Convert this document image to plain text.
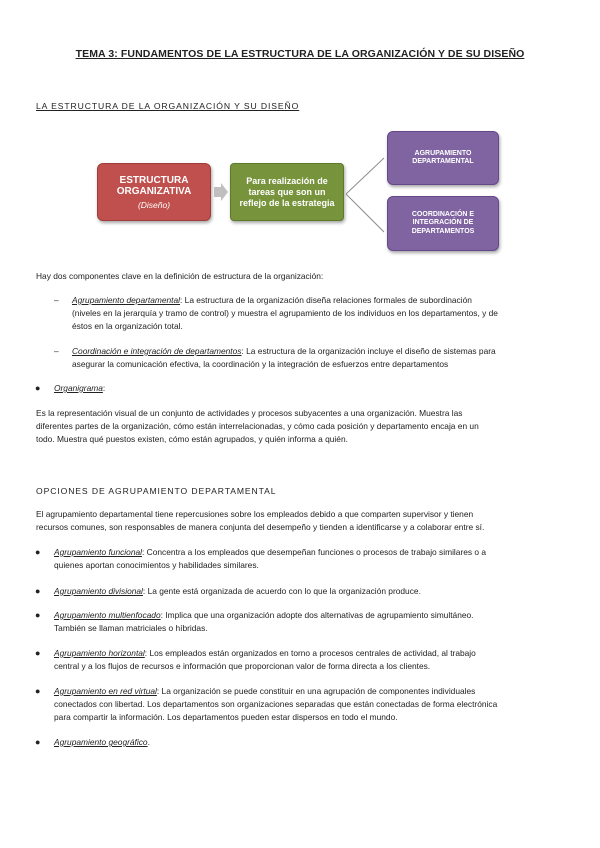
TEMA 3: FUNDAMENTOS DE LA ESTRUCTURA DE LA ORGANIZACIÓN Y DE SU DISEÑO
LA ESTRUCTURA DE LA ORGANIZACIÓN Y SU DISEÑO
ESTRUCTURA
ORGANIZATIVA
(Diseño)
Para realización de
tareas que son un
reflejo de la estrategia
AGRUPAMIENTO
DEPARTAMENTAL
COORDINACIÓN E
INTEGRACIÓN DE
DEPARTAMENTOS
Hay dos componentes clave en la definición de estructura de la organización:
– Agrupamiento departamental: La estructura de la organización diseña relaciones formales de subordinación
(niveles en la jerarquía y tramo de control) y muestra el agrupamiento de los individuos en los departamentos, y de
éstos en la organización total.
– Coordinación e integración de departamentos: La estructura de la organización incluye el diseño de sistemas para
asegurar la comunicación efectiva, la coordinación y la integración de esfuerzos entre departamentos
● Organigrama:
Es la representación visual de un conjunto de actividades y procesos subyacentes a una organización. Muestra las
diferentes partes de la organización, cómo están interrelacionadas, y cómo cada posición y departamento encaja en un
todo. Muestra qué puestos existen, cómo están agrupados, y quién informa a quién.
OPCIONES DE AGRUPAMIENTO DEPARTAMENTAL
El agrupamiento departamental tiene repercusiones sobre los empleados debido a que comparten supervisor y tienen
recursos comunes, son responsables de manera conjunta del desempeño y tienden a identificarse y a colaborar entre sí.
● Agrupamiento funcional: Concentra a los empleados que desempeñan funciones o procesos de trabajo similares o a
quienes aportan conocimientos y habilidades similares.
● Agrupamiento divisional: La gente está organizada de acuerdo con lo que la organización produce.
● Agrupamiento multienfocado: Implica que una organización adopte dos alternativas de agrupamiento simultáneo.
También se llaman matriciales o híbridas.
● Agrupamiento horizontal: Los empleados están organizados en torno a procesos centrales de actividad, al trabajo
central y a los flujos de recursos e información que proporcionan valor de forma directa a los clientes.
● Agrupamiento en red virtual: La organización se puede constituir en una agrupación de componentes individuales
conectados con libertad. Los departamentos son organizaciones separadas que están conectadas de forma electrónica
para compartir la información. Los departamentos pueden estar dispersos en todo el mundo.
● Agrupamiento geográfico.
